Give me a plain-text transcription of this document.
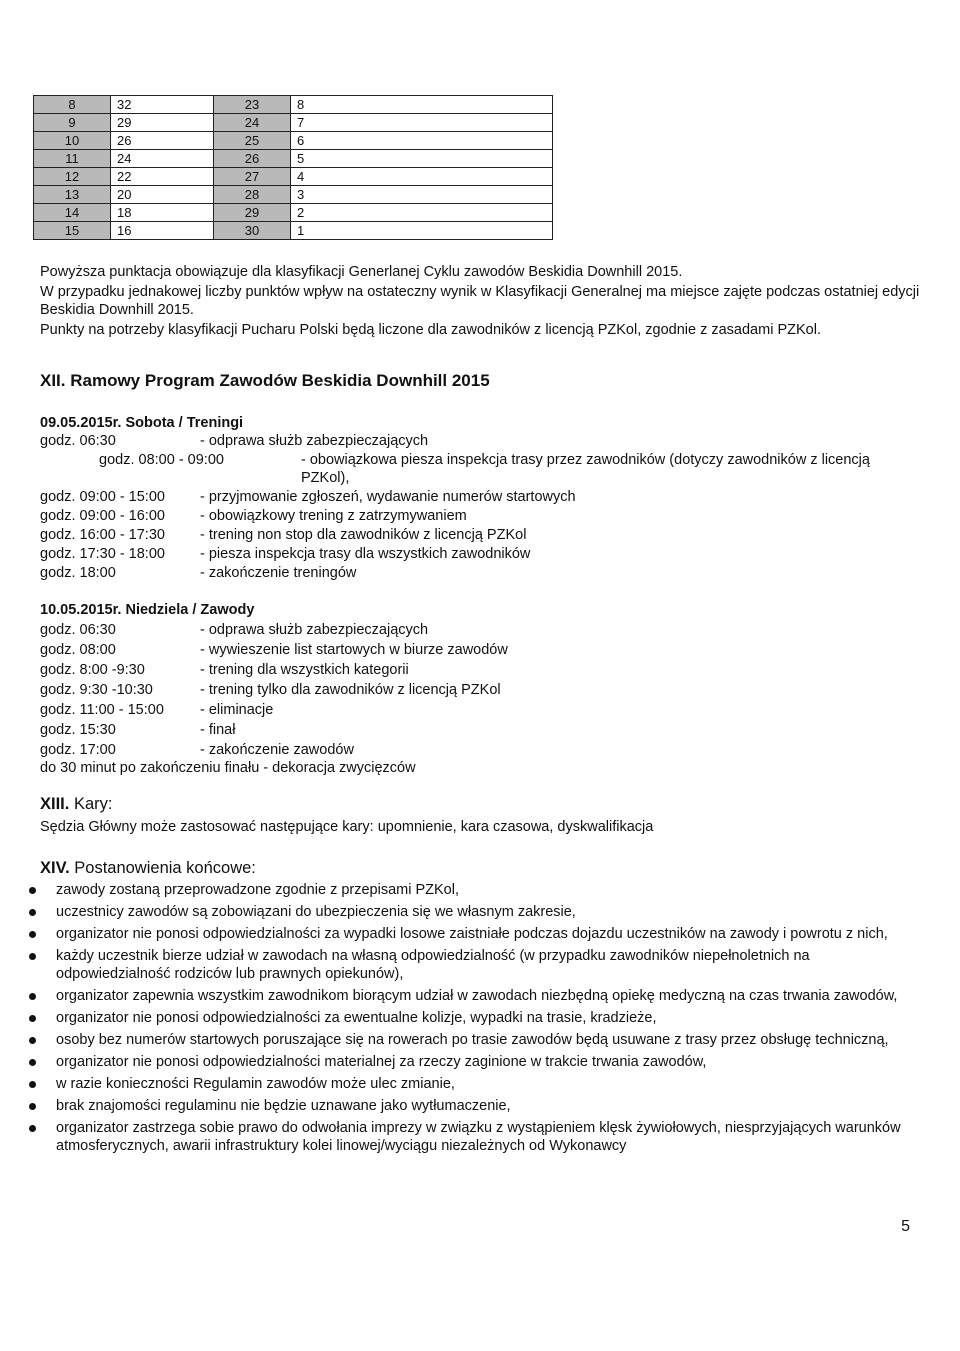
8	32	23	8
9	29	24	7
10	26	25	6
11	24	26	5
12	22	27	4
13	20	28	3
14	18	29	2
15	16	30	1

Powyższa punktacja obowiązuje dla klasyfikacji Generlanej Cyklu zawodów Beskidia Downhill 2015.

W przypadku jednakowej liczby punktów wpływ na ostateczny wynik w Klasyfikacji Generalnej ma miejsce zajęte podczas ostatniej edycji Beskidia Downhill 2015.

Punkty na potrzeby klasyfikacji Pucharu Polski będą liczone dla zawodników z licencją PZKol, zgodnie z zasadami PZKol.

XII. Ramowy Program Zawodów Beskidia Downhill 2015

09.05.2015r. Sobota / Treningi

godz. 06:30	- odprawa służb zabezpieczających
godz. 08:00 - 09:00	- obowiązkowa piesza inspekcja trasy przez zawodników (dotyczy zawodników z licencją PZKol),
godz. 09:00 - 15:00	- przyjmowanie zgłoszeń, wydawanie numerów startowych
godz. 09:00 - 16:00	- obowiązkowy trening z zatrzymywaniem
godz. 16:00 - 17:30	- trening non stop dla zawodników z licencją PZKol
godz. 17:30 - 18:00	- piesza inspekcja trasy dla wszystkich zawodników
godz. 18:00	- zakończenie treningów

10.05.2015r. Niedziela / Zawody

godz. 06:30	- odprawa służb zabezpieczających
godz. 08:00	- wywieszenie list startowych w biurze zawodów
godz. 8:00 -9:30	- trening dla wszystkich kategorii
godz. 9:30 -10:30	- trening tylko dla zawodników z licencją PZKol
godz. 11:00 - 15:00	- eliminacje
godz. 15:30	- finał
godz. 17:00	- zakończenie zawodów

do 30 minut po zakończeniu finału - dekoracja zwycięzców

XIII. Kary:

Sędzia Główny może zastosować następujące kary: upomnienie, kara czasowa, dyskwalifikacja

XIV. Postanowienia końcowe:

zawody zostaną przeprowadzone zgodnie z przepisami PZKol,
uczestnicy zawodów są zobowiązani do ubezpieczenia się we własnym zakresie,
organizator nie ponosi odpowiedzialności za wypadki losowe zaistniałe podczas dojazdu uczestników na zawody i powrotu z nich,
każdy uczestnik bierze udział w zawodach na własną odpowiedzialność (w przypadku zawodników niepełnoletnich na odpowiedzialność rodziców lub prawnych opiekunów),
organizator zapewnia wszystkim zawodnikom biorącym udział w zawodach niezbędną opiekę medyczną na czas trwania zawodów,
organizator nie ponosi odpowiedzialności za ewentualne kolizje, wypadki na trasie, kradzieże,
osoby bez numerów startowych poruszające się na rowerach po trasie zawodów będą usuwane z trasy przez obsługę techniczną,
organizator nie ponosi odpowiedzialności materialnej za rzeczy zaginione w trakcie trwania zawodów,
w razie konieczności Regulamin zawodów może ulec zmianie,
brak znajomości regulaminu nie będzie uznawane jako wytłumaczenie,
organizator zastrzega sobie prawo do odwołania imprezy w związku z wystąpieniem klęsk żywiołowych, niesprzyjających warunków atmosferycznych, awarii infrastruktury kolei linowej/wyciągu niezależnych od Wykonawcy
5
